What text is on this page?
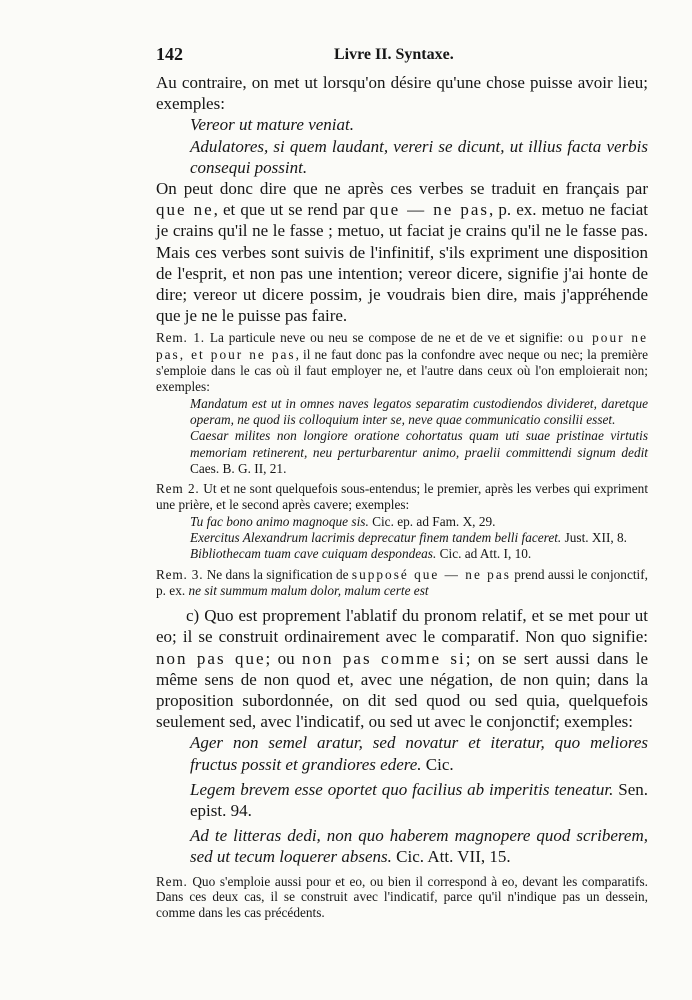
142	Livre II. Syntaxe.

Au contraire, on met ut lorsqu'on désire qu'une chose puisse avoir lieu; exemples:

Vereor ut mature veniat.

Adulatores, si quem laudant, vereri se dicunt, ut illius facta verbis consequi possint.

On peut donc dire que ne après ces verbes se traduit en français par que ne, et que ut se rend par que — ne pas, p. ex. metuo ne faciat je crains qu'il ne le fasse ; metuo, ut faciat je crains qu'il ne le fasse pas. Mais ces verbes sont suivis de l'infinitif, s'ils expriment une disposition de l'esprit, et non pas une intention; vereor dicere, signifie j'ai honte de dire; vereor ut dicere possim, je voudrais bien dire, mais j'appréhende que je ne le puisse pas faire.

Rem. 1. La particule neve ou neu se compose de ne et de ve et signifie: ou pour ne pas, et pour ne pas, il ne faut donc pas la confondre avec neque ou nec; la première s'emploie dans le cas où il faut employer ne, et l'autre dans ceux où l'on emploierait non; exemples:

Mandatum est ut in omnes naves legatos separatim custodiendos divideret, daretque operam, ne quod iis colloquium inter se, neve quae communicatio consilii esset.

Caesar milites non longiore oratione cohortatus quam uti suae pristinae virtutis memoriam retinerent, neu perturbarentur animo, praelii committendi signum dedit Caes. B. G. II, 21.

Rem 2. Ut et ne sont quelquefois sous-entendus; le premier, après les verbes qui expriment une prière, et le second après cavere; exemples:

Tu fac bono animo magnoque sis. Cic. ep. ad Fam. X, 29.

Exercitus Alexandrum lacrimis deprecatur finem tandem belli faceret. Just. XII, 8.

Bibliothecam tuam cave cuiquam despondeas. Cic. ad Att. I, 10.

Rem. 3. Ne dans la signification de supposé que — ne pas prend aussi le conjonctif, p. ex. ne sit summum malum dolor, malum certe est

c) Quo est proprement l'ablatif du pronom relatif, et se met pour ut eo; il se construit ordinairement avec le comparatif. Non quo signifie: non pas que; ou non pas comme si; on se sert aussi dans le même sens de non quod et, avec une négation, de non quin; dans la proposition subordonnée, on dit sed quod ou sed quia, quelquefois seulement sed, avec l'indicatif, ou sed ut avec le conjonctif; exemples:

Ager non semel aratur, sed novatur et iteratur, quo meliores fructus possit et grandiores edere. Cic.

Legem brevem esse oportet quo facilius ab imperitis teneatur. Sen. epist. 94.

Ad te litteras dedi, non quo haberem magnopere quod scriberem, sed ut tecum loquerer absens. Cic. Att. VII, 15.

Rem. Quo s'emploie aussi pour et eo, ou bien il correspond à eo, devant les comparatifs. Dans ces deux cas, il se construit avec l'indicatif, parce qu'il n'indique pas un dessein, comme dans les cas précédents.
